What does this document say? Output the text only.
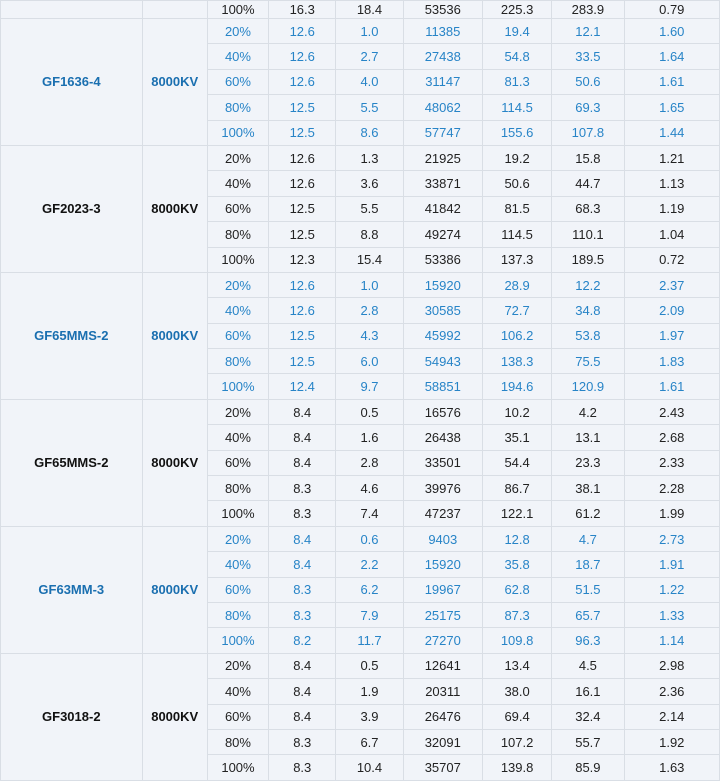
		100%	16.3	18.4	53536	225.3	283.9	0.79
GF1636-4	8000KV	20%	12.6	1.0	11385	19.4	12.1	1.60
		40%	12.6	2.7	27438	54.8	33.5	1.64
		60%	12.6	4.0	31147	81.3	50.6	1.61
		80%	12.5	5.5	48062	114.5	69.3	1.65
		100%	12.5	8.6	57747	155.6	107.8	1.44
GF2023-3	8000KV	20%	12.6	1.3	21925	19.2	15.8	1.21
		40%	12.6	3.6	33871	50.6	44.7	1.13
		60%	12.5	5.5	41842	81.5	68.3	1.19
		80%	12.5	8.8	49274	114.5	110.1	1.04
		100%	12.3	15.4	53386	137.3	189.5	0.72
GF65MMS-2	8000KV	20%	12.6	1.0	15920	28.9	12.2	2.37
		40%	12.6	2.8	30585	72.7	34.8	2.09
		60%	12.5	4.3	45992	106.2	53.8	1.97
		80%	12.5	6.0	54943	138.3	75.5	1.83
		100%	12.4	9.7	58851	194.6	120.9	1.61
GF65MMS-2	8000KV	20%	8.4	0.5	16576	10.2	4.2	2.43
		40%	8.4	1.6	26438	35.1	13.1	2.68
		60%	8.4	2.8	33501	54.4	23.3	2.33
		80%	8.3	4.6	39976	86.7	38.1	2.28
		100%	8.3	7.4	47237	122.1	61.2	1.99
GF63MM-3	8000KV	20%	8.4	0.6	9403	12.8	4.7	2.73
		40%	8.4	2.2	15920	35.8	18.7	1.91
		60%	8.3	6.2	19967	62.8	51.5	1.22
		80%	8.3	7.9	25175	87.3	65.7	1.33
		100%	8.2	11.7	27270	109.8	96.3	1.14
GF3018-2	8000KV	20%	8.4	0.5	12641	13.4	4.5	2.98
		40%	8.4	1.9	20311	38.0	16.1	2.36
		60%	8.4	3.9	26476	69.4	32.4	2.14
		80%	8.3	6.7	32091	107.2	55.7	1.92
		100%	8.3	10.4	35707	139.8	85.9	1.63
